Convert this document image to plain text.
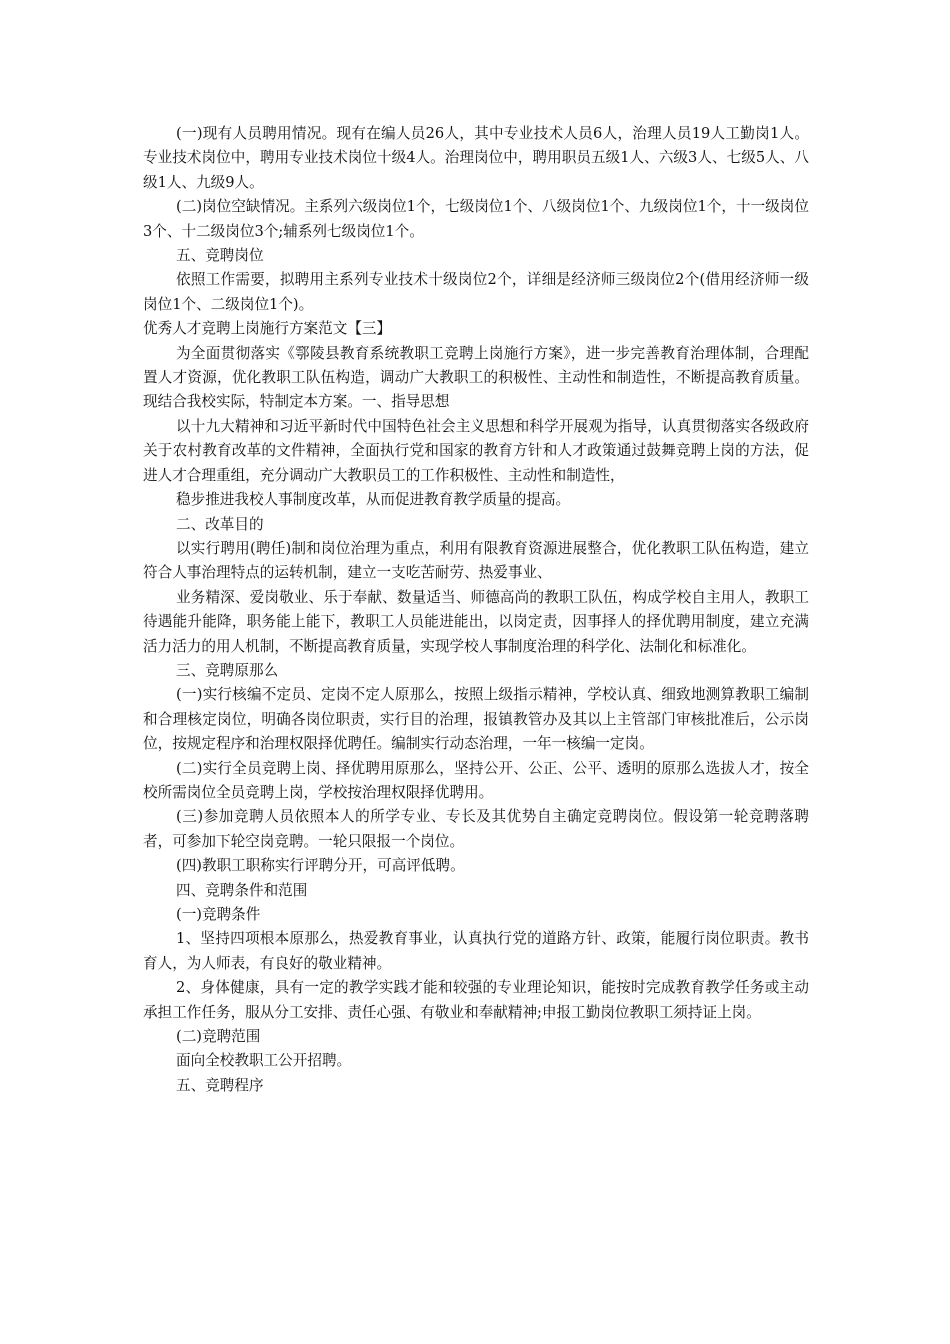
(一)现有人员聘用情况。现有在编人员26人，其中专业技术人员6人，治理人员19人工勤岗1人。专业技术岗位中，聘用专业技术岗位十级4人。治理岗位中，聘用职员五级1人、六级3人、七级5人、八级1人、九级9人。

(二)岗位空缺情况。主系列六级岗位1个，七级岗位1个、八级岗位1个、九级岗位1个，十一级岗位3个、十二级岗位3个;辅系列七级岗位1个。

五、竞聘岗位

依照工作需要，拟聘用主系列专业技术十级岗位2个，详细是经济师三级岗位2个(借用经济师一级岗位1个、二级岗位1个)。

优秀人才竞聘上岗施行方案范文【三】

为全面贯彻落实《鄠陵县教育系统教职工竞聘上岗施行方案》，进一步完善教育治理体制，合理配置人才资源，优化教职工队伍构造，调动广大教职工的积极性、主动性和制造性，不断提高教育质量。现结合我校实际，特制定本方案。一、指导思想

以十九大精神和习近平新时代中国特色社会主义思想和科学开展观为指导，认真贯彻落实各级政府关于农村教育改革的文件精神，全面执行党和国家的教育方针和人才政策通过鼓舞竞聘上岗的方法，促进人才合理重组，充分调动广大教职员工的工作积极性、主动性和制造性，

稳步推进我校人事制度改革，从而促进教育教学质量的提高。

二、改革目的

以实行聘用(聘任)制和岗位治理为重点，利用有限教育资源进展整合，优化教职工队伍构造，建立符合人事治理特点的运转机制，建立一支吃苦耐劳、热爱事业、

业务精深、爱岗敬业、乐于奉献、数量适当、师德高尚的教职工队伍，构成学校自主用人，教职工待遇能升能降，职务能上能下，教职工人员能进能出，以岗定责，因事择人的择优聘用制度，建立充满活力活力的用人机制，不断提高教育质量，实现学校人事制度治理的科学化、法制化和标准化。

三、竞聘原那么

(一)实行核编不定员、定岗不定人原那么，按照上级指示精神，学校认真、细致地测算教职工编制和合理核定岗位，明确各岗位职责，实行目的治理，报镇教管办及其以上主管部门审核批准后，公示岗位，按规定程序和治理权限择优聘任。编制实行动态治理，一年一核编一定岗。

(二)实行全员竞聘上岗、择优聘用原那么，坚持公开、公正、公平、透明的原那么选拔人才，按全校所需岗位全员竞聘上岗，学校按治理权限择优聘用。

(三)参加竞聘人员依照本人的所学专业、专长及其优势自主确定竞聘岗位。假设第一轮竞聘落聘者，可参加下轮空岗竞聘。一轮只限报一个岗位。

(四)教职工职称实行评聘分开，可高评低聘。

四、竞聘条件和范围

(一)竞聘条件

1、坚持四项根本原那么，热爱教育事业，认真执行党的道路方针、政策，能履行岗位职责。教书育人，为人师表，有良好的敬业精神。

2、身体健康，具有一定的教学实践才能和较强的专业理论知识，能按时完成教育教学任务或主动承担工作任务，服从分工安排、责任心强、有敬业和奉献精神;申报工勤岗位教职工须持证上岗。

(二)竞聘范围

面向全校教职工公开招聘。

五、竞聘程序
